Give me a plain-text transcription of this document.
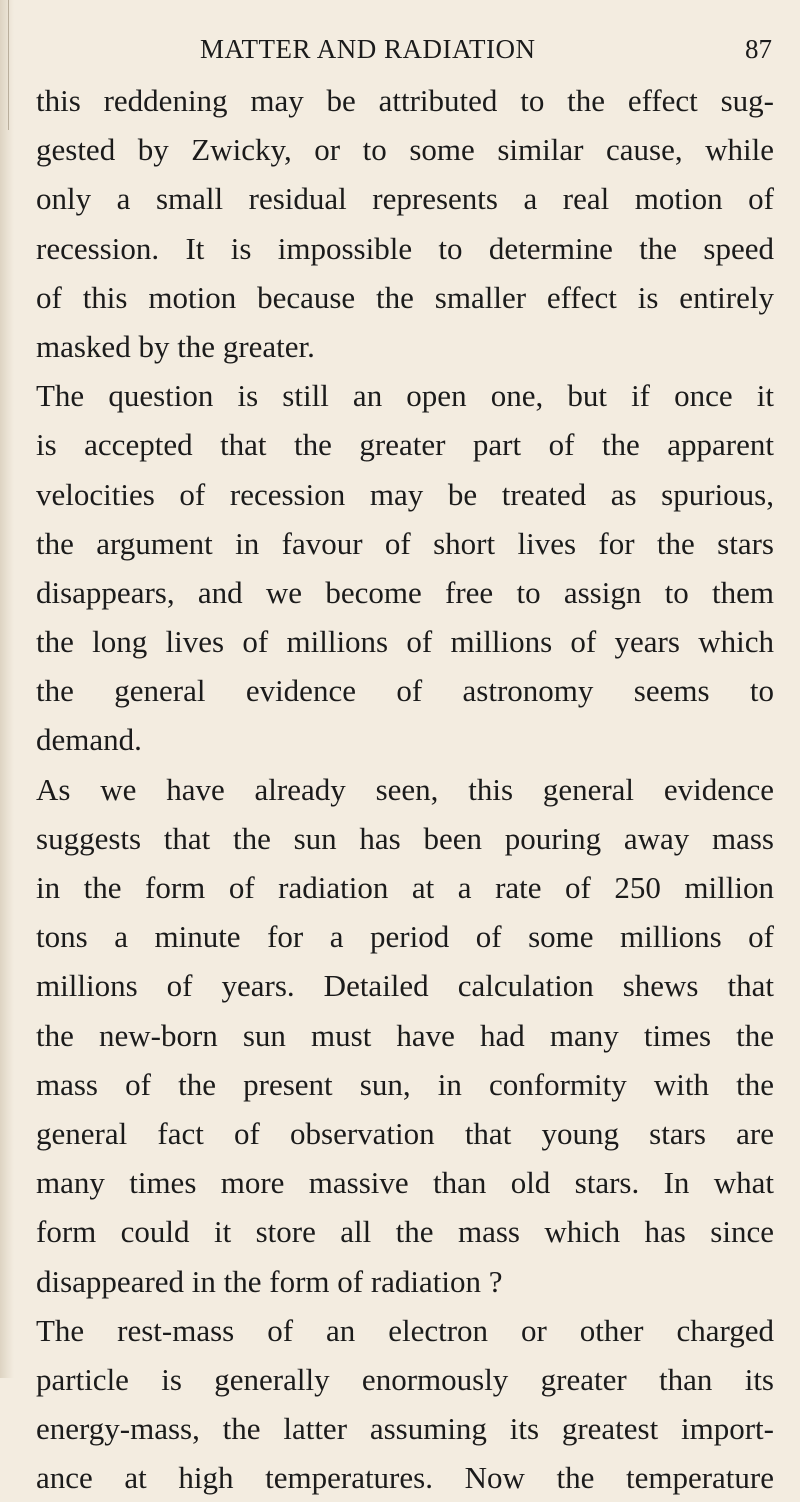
MATTER AND RADIATION	87
this reddening may be attributed to the effect sug-
gested by Zwicky, or to some similar cause, while
only a small residual represents a real motion of
recession. It is impossible to determine the speed
of this motion because the smaller effect is entirely
masked by the greater.
The question is still an open one, but if once it
is accepted that the greater part of the apparent
velocities of recession may be treated as spurious,
the argument in favour of short lives for the stars
disappears, and we become free to assign to them
the long lives of millions of millions of years which
the general evidence of astronomy seems to
demand.
As we have already seen, this general evidence
suggests that the sun has been pouring away mass
in the form of radiation at a rate of 250 million
tons a minute for a period of some millions of
millions of years. Detailed calculation shews that
the new-born sun must have had many times the
mass of the present sun, in conformity with the
general fact of observation that young stars are
many times more massive than old stars. In what
form could it store all the mass which has since
disappeared in the form of radiation ?
The rest-mass of an electron or other charged
particle is generally enormously greater than its
energy-mass, the latter assuming its greatest import-
ance at high temperatures. Now the temperature
